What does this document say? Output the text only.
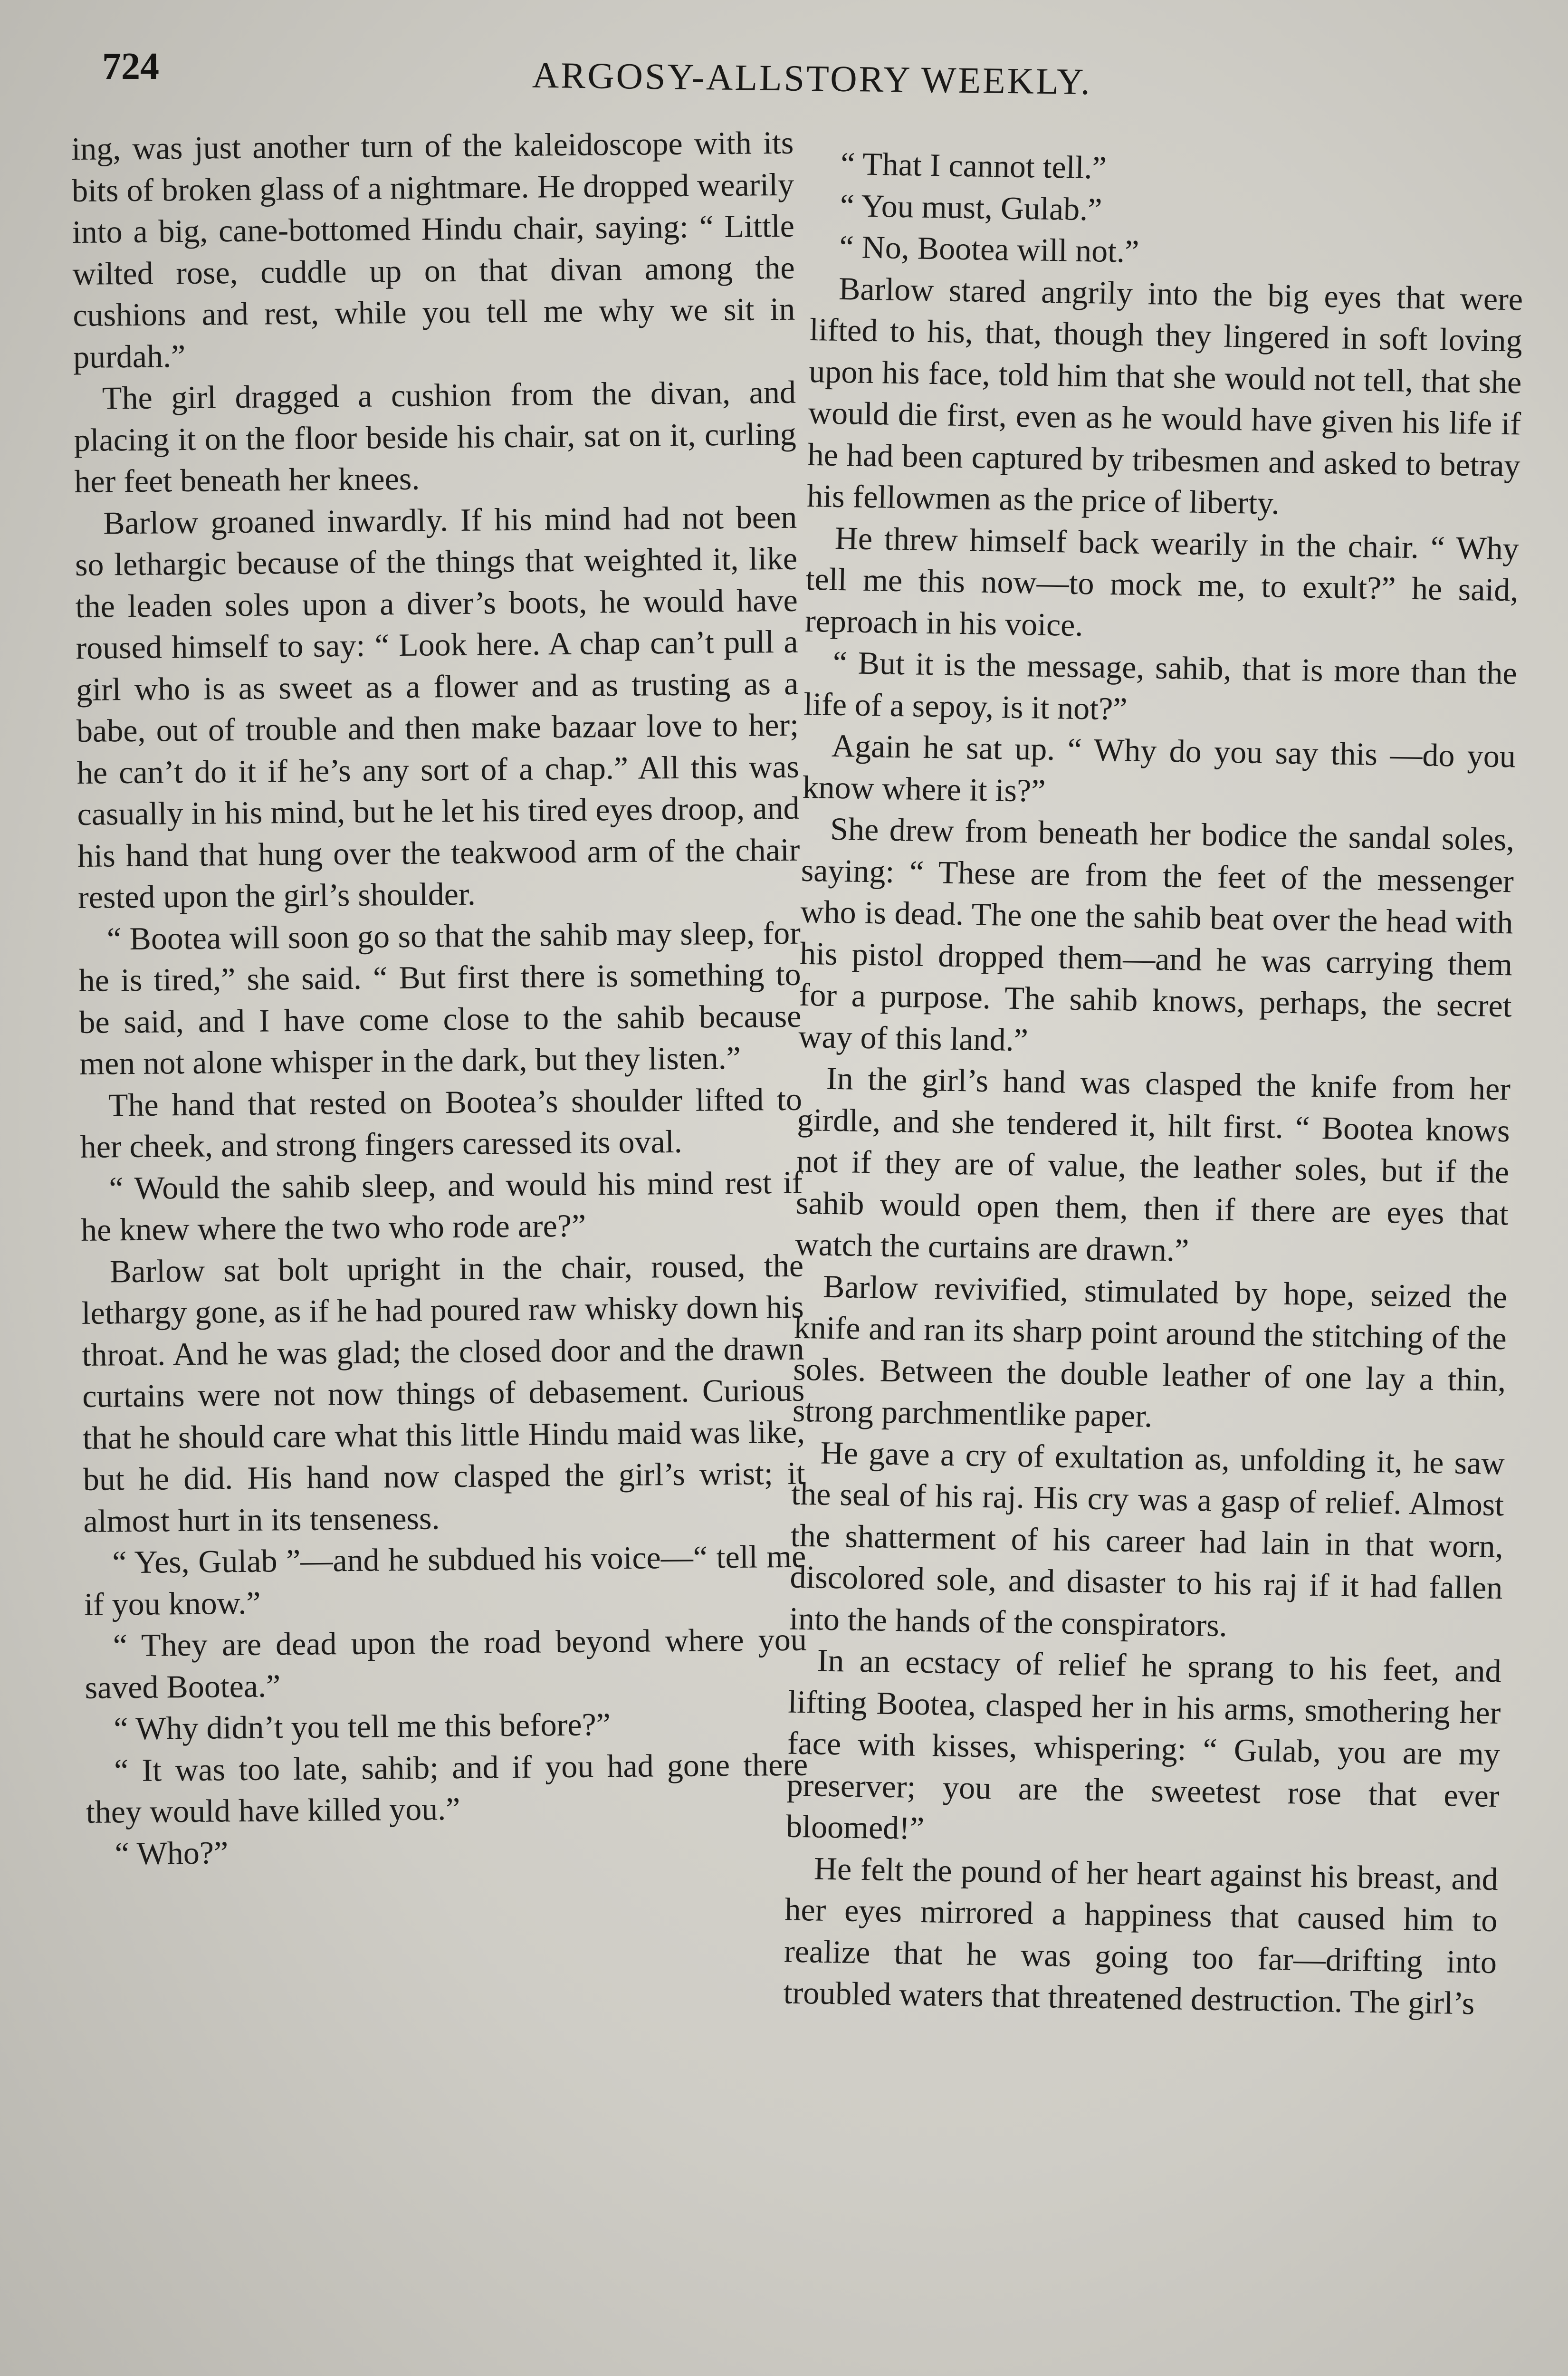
724	ARGOSY-ALLSTORY WEEKLY.

ing, was just another turn of the kaleidoscope with its bits of broken glass of a nightmare. He dropped wearily into a big, cane-bottomed Hindu chair, saying: “ Little wilted rose, cuddle up on that divan among the cushions and rest, while you tell me why we sit in purdah.”

The girl dragged a cushion from the divan, and placing it on the floor beside his chair, sat on it, curling her feet beneath her knees.

Barlow groaned inwardly. If his mind had not been so lethargic because of the things that weighted it, like the leaden soles upon a diver’s boots, he would have roused himself to say: “ Look here. A chap can’t pull a girl who is as sweet as a flower and as trusting as a babe, out of trouble and then make bazaar love to her; he can’t do it if he’s any sort of a chap.” All this was casually in his mind, but he let his tired eyes droop, and his hand that hung over the teakwood arm of the chair rested upon the girl’s shoulder.

“ Bootea will soon go so that the sahib may sleep, for he is tired,” she said. “ But first there is something to be said, and I have come close to the sahib because men not alone whisper in the dark, but they listen.”

The hand that rested on Bootea’s shoulder lifted to her cheek, and strong fingers caressed its oval.

“ Would the sahib sleep, and would his mind rest if he knew where the two who rode are?”

Barlow sat bolt upright in the chair, roused, the lethargy gone, as if he had poured raw whisky down his throat. And he was glad; the closed door and the drawn curtains were not now things of debasement. Curious that he should care what this little Hindu maid was like, but he did. His hand now clasped the girl’s wrist; it almost hurt in its tenseness.

“ Yes, Gulab ”—and he subdued his voice—“ tell me if you know.”

“ They are dead upon the road beyond where you saved Bootea.”

“ Why didn’t you tell me this before?”

“ It was too late, sahib; and if you had gone there they would have killed you.”

“ Who?”

“ That I cannot tell.”

“ You must, Gulab.”

“ No, Bootea will not.”

Barlow stared angrily into the big eyes that were lifted to his, that, though they lingered in soft loving upon his face, told him that she would not tell, that she would die first, even as he would have given his life if he had been captured by tribesmen and asked to betray his fellowmen as the price of liberty.

He threw himself back wearily in the chair. “ Why tell me this now—to mock me, to exult?” he said, reproach in his voice.

“ But it is the message, sahib, that is more than the life of a sepoy, is it not?”

Again he sat up. “ Why do you say this —do you know where it is?”

She drew from beneath her bodice the sandal soles, saying: “ These are from the feet of the messenger who is dead. The one the sahib beat over the head with his pistol dropped them—and he was carrying them for a purpose. The sahib knows, perhaps, the secret way of this land.”

In the girl’s hand was clasped the knife from her girdle, and she tendered it, hilt first. “ Bootea knows not if they are of value, the leather soles, but if the sahib would open them, then if there are eyes that watch the curtains are drawn.”

Barlow revivified, stimulated by hope, seized the knife and ran its sharp point around the stitching of the soles. Between the double leather of one lay a thin, strong parchmentlike paper.

He gave a cry of exultation as, unfolding it, he saw the seal of his raj. His cry was a gasp of relief. Almost the shatterment of his career had lain in that worn, discolored sole, and disaster to his raj if it had fallen into the hands of the conspirators.

In an ecstacy of relief he sprang to his feet, and lifting Bootea, clasped her in his arms, smothering her face with kisses, whispering: “ Gulab, you are my preserver; you are the sweetest rose that ever bloomed!”

He felt the pound of her heart against his breast, and her eyes mirrored a happiness that caused him to realize that he was going too far—drifting into troubled waters that threatened destruction. The girl’s
